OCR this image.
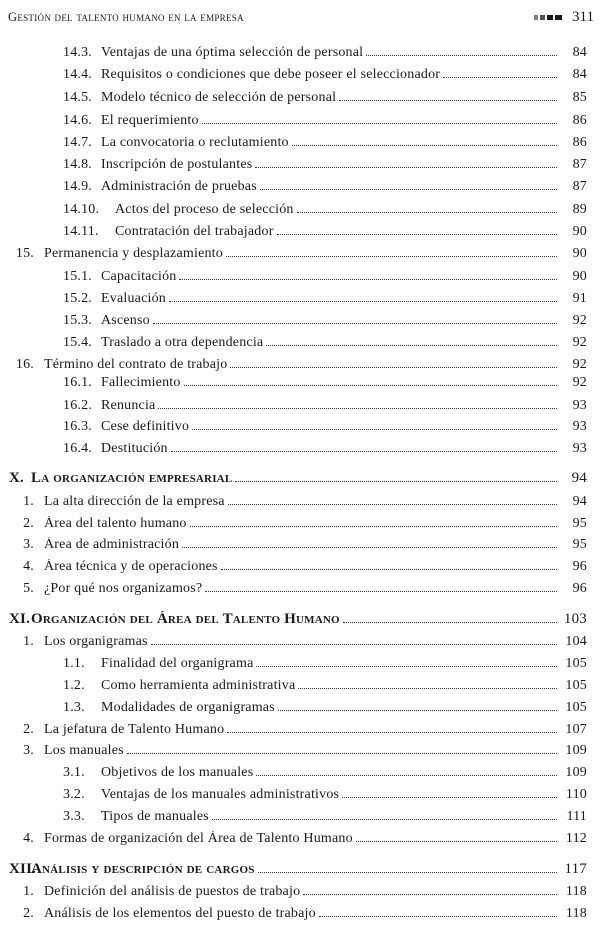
Gestión del talento humano en la empresa	311
14.3. Ventajas de una óptima selección de personal	84
14.4. Requisitos o condiciones que debe poseer el seleccionador	84
14.5. Modelo técnico de selección de personal	85
14.6. El requerimiento	86
14.7. La convocatoria o reclutamiento	86
14.8. Inscripción de postulantes	87
14.9. Administración de pruebas	87
14.10.	Actos del proceso de selección	89
14.11.	Contratación del trabajador	90
15. Permanencia y desplazamiento	90
15.1. Capacitación	90
15.2. Evaluación	91
15.3. Ascenso	92
15.4. Traslado a otra dependencia	92
16. Término del contrato de trabajo	92
16.1. Fallecimiento	92
16.2. Renuncia	93
16.3. Cese definitivo	93
16.4. Destitución	93
X. La organización empresarial	94
1. La alta dirección de la empresa	94
2. Área del talento humano	95
3. Área de administración	95
4. Área técnica y de operaciones	96
5. ¿Por qué nos organizamos?	96
XI. Organización del Área del Talento Humano	103
1. Los organigramas	104
1.1.	Finalidad del organigrama	105
1.2.	Como herramienta administrativa	105
1.3.	Modalidades de organigramas	105
2. La jefatura de Talento Humano	107
3. Los manuales	109
3.1.	Objetivos de los manuales	109
3.2.	Ventajas de los manuales administrativos	110
3.3.	Tipos de manuales	111
4. Formas de organización del Área de Talento Humano	112
XII.
Análisis y descripción de cargos	117
1. Definición del análisis de puestos de trabajo	118
2. Análisis de los elementos del puesto de trabajo	118
